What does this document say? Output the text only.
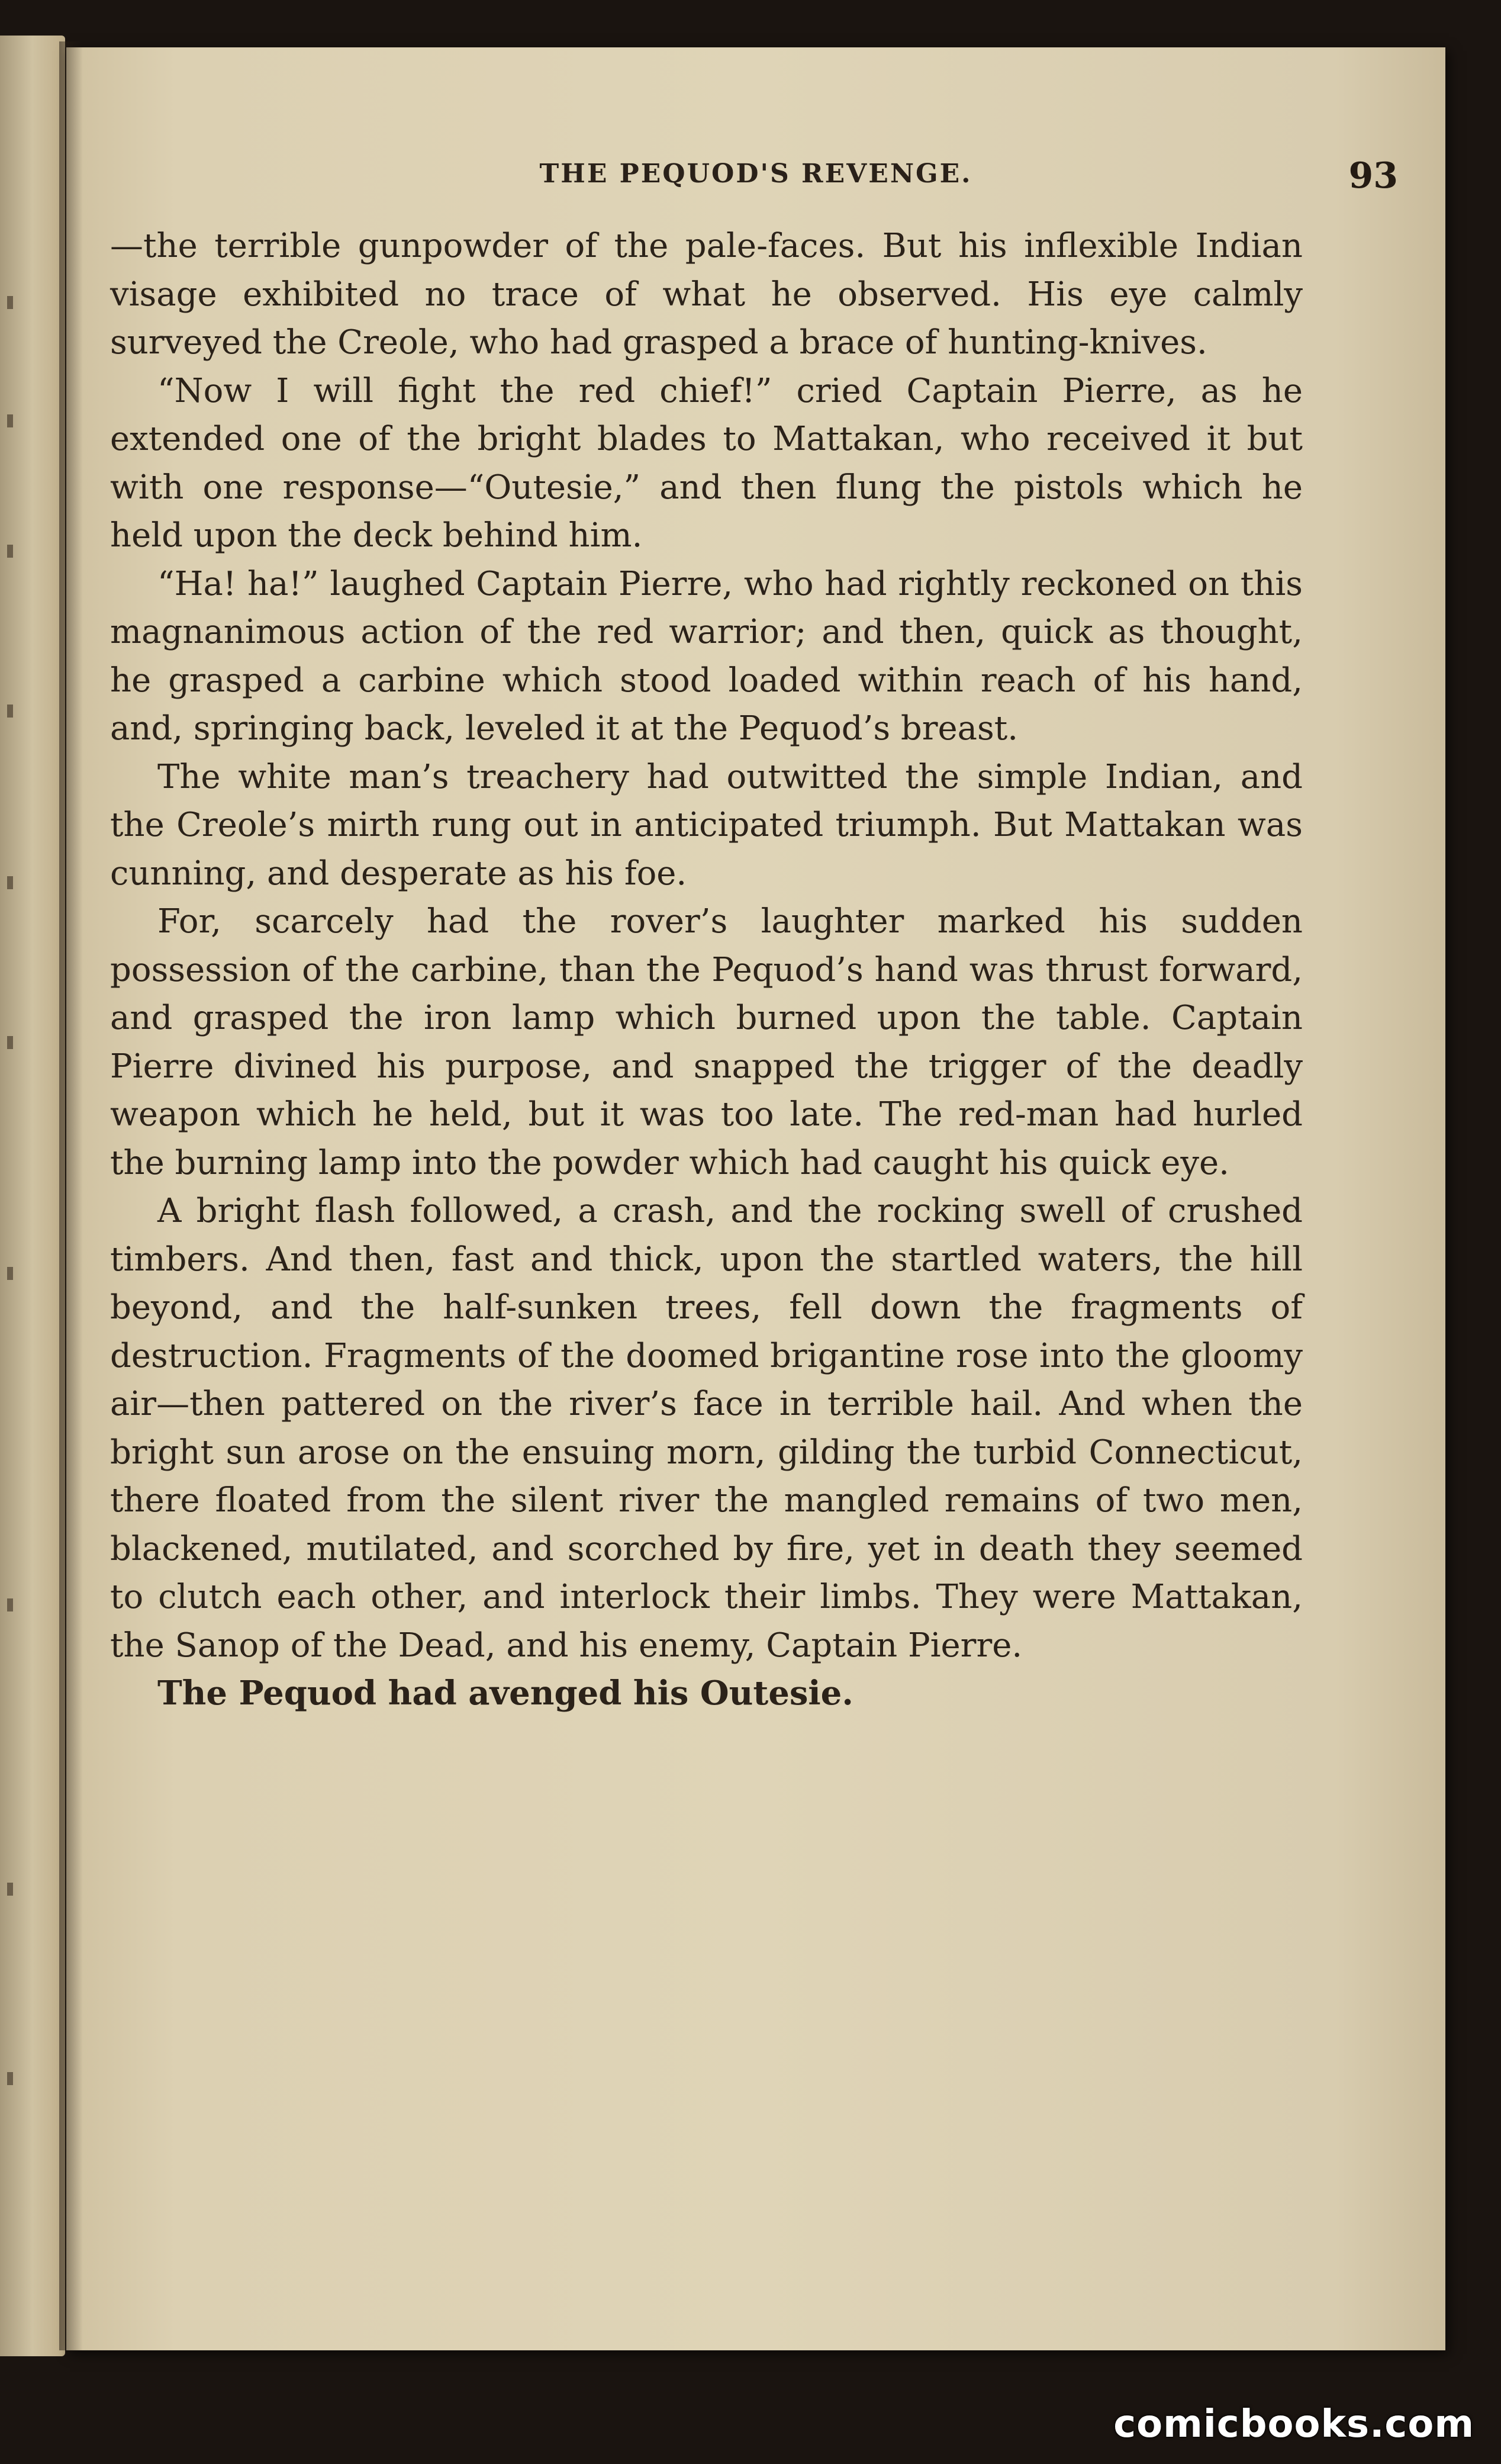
THE PEQUOD'S REVENGE.	93

—the terrible gunpowder of the pale-faces. But his inflexible Indian visage exhibited no trace of what he observed. His eye calmly surveyed the Creole, who had grasped a brace of hunting-knives.

“Now I will fight the red chief!” cried Captain Pierre, as he extended one of the bright blades to Mattakan, who received it but with one response—“Outesie,” and then flung the pistols which he held upon the deck behind him.

“Ha! ha!” laughed Captain Pierre, who had rightly reckoned on this magnanimous action of the red warrior; and then, quick as thought, he grasped a carbine which stood loaded within reach of his hand, and, springing back, leveled it at the Pequod’s breast.

The white man’s treachery had outwitted the simple Indian, and the Creole’s mirth rung out in anticipated triumph. But Mattakan was cunning, and desperate as his foe.

For, scarcely had the rover’s laughter marked his sudden possession of the carbine, than the Pequod’s hand was thrust forward, and grasped the iron lamp which burned upon the table. Captain Pierre divined his purpose, and snapped the trigger of the deadly weapon which he held, but it was too late. The red-man had hurled the burning lamp into the powder which had caught his quick eye.

A bright flash followed, a crash, and the rocking swell of crushed timbers. And then, fast and thick, upon the startled waters, the hill beyond, and the half-sunken trees, fell down the fragments of destruction. Fragments of the doomed brigantine rose into the gloomy air—then pattered on the river’s face in terrible hail. And when the bright sun arose on the ensuing morn, gilding the turbid Connecticut, there floated from the silent river the mangled remains of two men, blackened, mutilated, and scorched by fire, yet in death they seemed to clutch each other, and interlock their limbs. They were Mattakan, the Sanop of the Dead, and his enemy, Captain Pierre.

The Pequod had avenged his Outesie.

comicbooks.com
